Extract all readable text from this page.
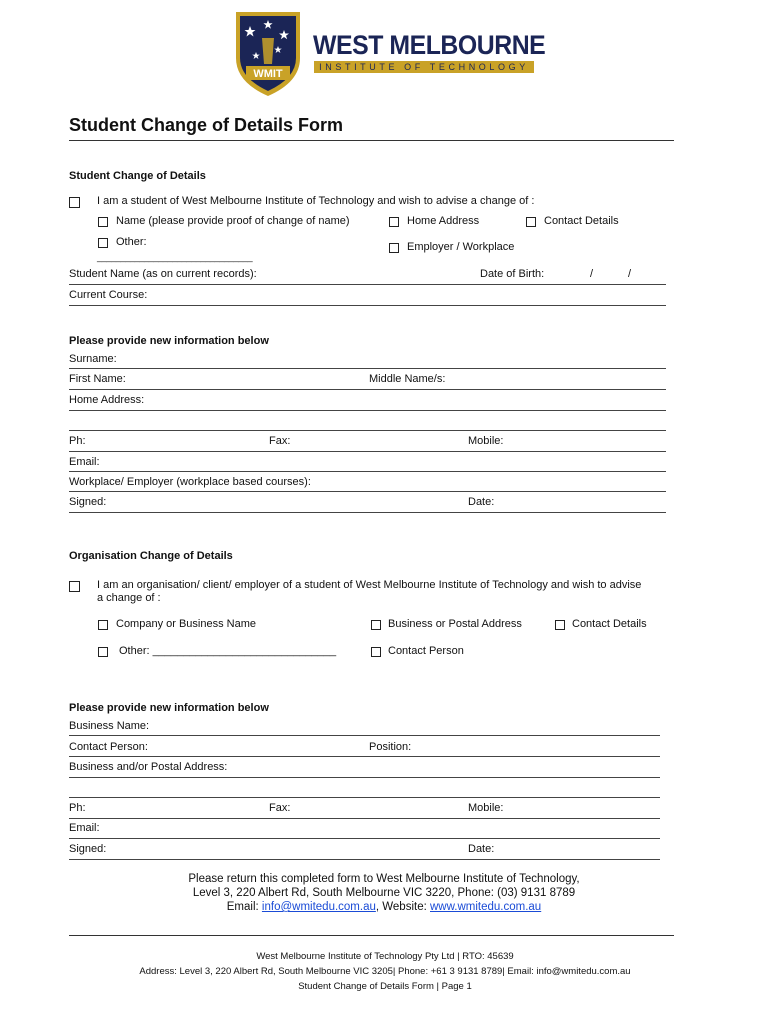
WMIT
WEST MELBOURNE
INSTITUTE OF TECHNOLOGY
Student Change of Details Form
Student Change of Details
I am a student of West Melbourne Institute of Technology and wish to advise a change of :
Name (please provide proof of change of name)	Home Address	Contact Details
Other:
_________________________________
Employer / Workplace
Student Name (as on current records):	Date of Birth:	/	/
Current Course:
Please provide new information below
Surname:
First Name:	Middle Name/s:
Home Address:
Ph:	Fax:	Mobile:
Email:
Workplace/ Employer (workplace based courses):
Signed:	Date:
Organisation Change of Details
I am an organisation/ client/ employer of a student of West Melbourne Institute of Technology and wish to advise
a change of :
Company or Business Name	Business or Postal Address	Contact Details
Other: ______________________________	Contact Person
Please provide new information below
Business Name:
Contact Person:	Position:
Business and/or Postal Address:
Ph:	Fax:	Mobile:
Email:
Signed:	Date:
Please return this completed form to West Melbourne Institute of Technology,
Level 3, 220 Albert Rd, South Melbourne VIC 3220, Phone: (03) 9131 8789
Email: info@wmitedu.com.au, Website: www.wmitedu.com.au
West Melbourne Institute of Technology Pty Ltd | RTO: 45639
Address: Level 3, 220 Albert Rd, South Melbourne VIC 3205| Phone: +61 3 9131 8789| Email: info@wmitedu.com.au
Student Change of Details Form | Page 1
